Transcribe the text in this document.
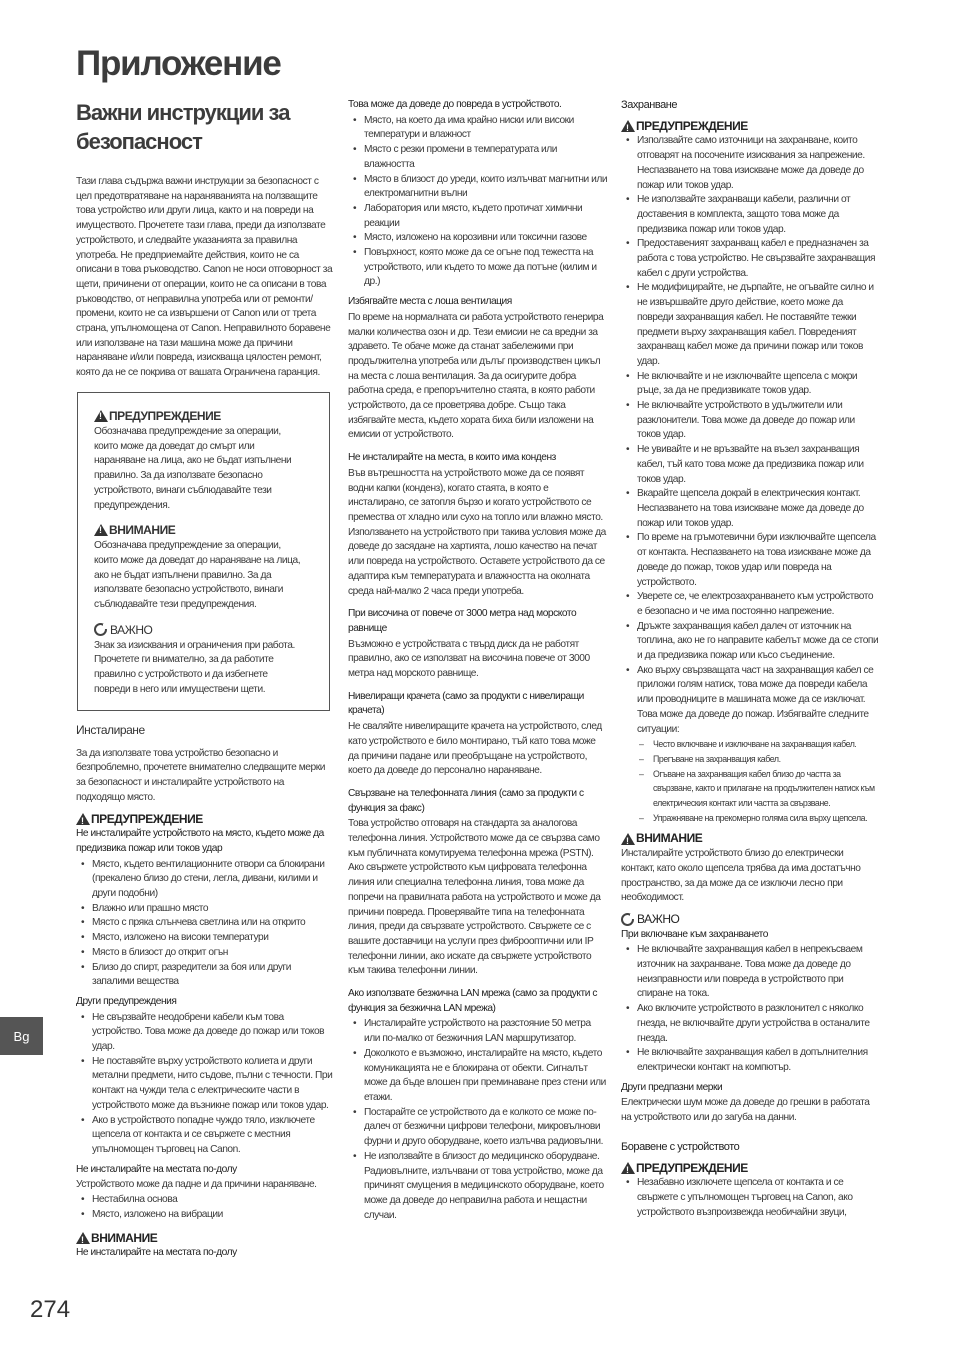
Приложение
Важни инструкции за безопасност
Тази глава съдържа важни инструкции за безопасност с цел предотвратяване на нараняванията на ползващите това устройство или други лица, както и на повреди на имуществото. Прочетете тази глава, преди да използвате устройството, и следвайте указанията за правилна употреба. Не предприемайте действия, които не са описани в това ръководство. Canon не носи отговорност за щети, причинени от операции, които не са описани в това ръководство, от неправилна употреба или от ремонти/промени, които не са извършени от Canon или от трета страна, упълномощена от Canon. Неправилното боравене или използване на тази машина може да причини нараняване и/или повреда, изискваща цялостен ремонт, която да не се покрива от вашата Ограничена гаранция.
!
ПРЕДУПРЕЖДЕНИЕ
Обозначава предупреждение за операции, които може да доведат до смърт или нараняване на лица, ако не бъдат изпълнени правилно. За да използвате безопасно устройството, винаги съблюдавайте тези предупреждения.
!
ВНИМАНИЕ
Обозначава предупреждение за операции, които може да доведат до нараняване на лица, ако не бъдат изпълнени правилно. За да използвате безопасно устройството, винаги съблюдавайте тези предупреждения.
ВАЖНО
Знак за изисквания и ограничения при работа. Прочетете ги внимателно, за да работите правилно с устройството и да избегнете повреди в него или имуществени щети.
Инсталиране
За да използвате това устройство безопасно и безпроблемно, прочетете внимателно следващите мерки за безопасност и инсталирайте устройството на подходящо място.
!
ПРЕДУПРЕЖДЕНИЕ
Не инсталирайте устройството на място, където може да предизвика пожар или токов удар
• Място, където вентилационните отвори са блокирани (прекалено близо до стени, легла, дивани, килими и други подобни)
• Влажно или прашно място
• Място с пряка слънчева светлина или на открито
• Място, изложено на високи температури
• Място в близост до открит огън
• Близо до спирт, разредители за боя или други запалими вещества
Други предупреждения
• Не свързвайте неодобрени кабели към това устройство. Това може да доведе до пожар или токов удар.
• Не поставяйте върху устройството колиета и други метални предмети, нито съдове, пълни с течности. При контакт на чужди тела с електрическите части в устройството може да възникне пожар или токов удар.
• Ако в устройството попадне чуждо тяло, изключете щепсела от контакта и се свържете с местния упълномощен търговец на Canon.
Не инсталирайте на местата по-долу
Устройството може да падне и да причини нараняване.
• Нестабилна основа
• Място, изложено на вибрации
!
ВНИМАНИЕ
Не инсталирайте на местата по-долу
Това може да доведе до повреда в устройството.
• Място, на което да има крайно ниски или високи температури и влажност
• Място с резки промени в температурата или влажността
• Място в близост до уреди, които излъчват магнитни или електромагнитни вълни
• Лаборатория или място, където протичат химични реакции
• Място, изложено на корозивни или токсични газове
• Повърхност, която може да се огъне под тежестта на устройството, или където то може да потъне (килим и др.)
Избягвайте места с лоша вентилация
По време на нормалната си работа устройството генерира малки количества озон и др. Тези емисии не са вредни за здравето. Те обаче може да станат забележими при продължителна употреба или дълъг производствен цикъл на места с лоша вентилация. За да осигурите добра работна среда, е препоръчително стаята, в която работи устройството, да се проветрява добре. Също така избягвайте места, където хората биха били изложени на емисии от устройството.
Не инсталирайте на места, в които има конденз
Във вътрешността на устройството може да се появят водни капки (конденз), когато стаята, в която е инсталирано, се затопля бързо и когато устройството се премества от хладно или сухо на топло или влажно място. Използването на устройството при такива условия може да доведе до засядане на хартията, лошо качество на печат или повреда на устройството. Оставете устройството да се адаптира към температурата и влажността на околната среда най-малко 2 часа преди употреба.
При височина от повече от 3000 метра над морското равнище
Възможно е устройствата с твърд диск да не работят правилно, ако се използват на височина повече от 3000 метра над морското равнище.
Нивелиращи крачета (само за продукти с нивелиращи крачета)
Не сваляйте нивелиращите крачета на устройството, след като устройството е било монтирано, тъй като това може да причини падане или преобръщане на устройството, което да доведе до персонално нараняване.
Свързване на телефонната линия (само за продукти с функция за факс)
Това устройство отговаря на стандарта за аналогова телефонна линия. Устройството може да се свързва само към публичната комутируема телефонна мрежа (PSTN). Ако свържете устройството към цифровата телефонна линия или специална телефонна линия, това може да попречи на правилната работа на устройството и може да причини повреда. Проверявайте типа на телефонната линия, преди да свързвате устройството. Свържете се с вашите доставчици на услуги през фиброоптични или IP телефонни линии, ако искате да свържете устройството към такива телефонни линии.
Ако използвате безжична LAN мрежа (само за продукти с функция за безжична LAN мрежа)
• Инсталирайте устройството на разстояние 50 метра или по-малко от безжичния LAN маршрутизатор.
• Доколкото е възможно, инсталирайте на място, където комуникацията не е блокирана от обекти. Сигналът може да бъде влошен при преминаване през стени или етажи.
• Постарайте се устройството да е колкото се може по-далеч от безжични цифрови телефони, микровълнови фурни и друго оборудване, което излъчва радиовълни.
• Не използвайте в близост до медицинско оборудване. Радиовълните, излъчвани от това устройство, може да причинят смущения в медицинското оборудване, което може да доведе до неправилна работа и нещастни случаи.
Захранване
!
ПРЕДУПРЕЖДЕНИЕ
• Използвайте само източници на захранване, които отговарят на посочените изисквания за напрежение. Неспазването на това изискване може да доведе до пожар или токов удар.
• Не използвайте захранващи кабели, различни от доставения в комплекта, защото това може да предизвика пожар или токов удар.
• Предоставеният захранващ кабел е предназначен за работа с това устройство. Не свързвайте захранващия кабел с други устройства.
• Не модифицирайте, не дърпайте, не огъвайте силно и не извършвайте друго действие, което може да повреди захранващия кабел. Не поставяйте тежки предмети върху захранващия кабел. Повреденият захранващ кабел може да причини пожар или токов удар.
• Не включвайте и не изключвайте щепсела с мокри ръце, за да не предизвикате токов удар.
• Не включвайте устройството в удължители или разклонители. Това може да доведе до пожар или токов удар.
• Не увивайте и не връзвайте на възел захранващия кабел, тъй като това може да предизвика пожар или токов удар.
• Вкарайте щепсела докрай в електрическия контакт. Неспазването на това изискване може да доведе до пожар или токов удар.
• По време на гръмотевични бури изключвайте щепсела от контакта. Неспазването на това изискване може да доведе до пожар, токов удар или повреда на устройството.
• Уверете се, че електрозахранването към устройството е безопасно и че има постоянно напрежение.
• Дръжте захранващия кабел далеч от източник на топлина, ако не го направите кабелът може да се стопи и да предизвика пожар или късо съединение.
• Ако върху свързващата част на захранващия кабел се приложи голям натиск, това може да повреди кабела или проводниците в машината може да се изключат. Това може да доведе до пожар. Избягвайте следните ситуации:
– Често включване и изключване на захранващия кабел.
– Прегъване на захранващия кабел.
– Огъване на захранващия кабел близо до частта за свързване, както и прилагане на продължителен натиск към електрическия контакт или частта за свързване.
– Упражняване на прекомерно голяма сила върху щепсела.
!
ВНИМАНИЕ
Инсталирайте устройството близо до електрически контакт, като около щепсела трябва да има достатъчно пространство, за да може да се изключи лесно при необходимост.
ВАЖНО
При включване към захранването
• Не включвайте захранващия кабел в непрекъсваем източник на захранване. Това може да доведе до неизправности или повреда в устройството при спиране на тока.
• Ако включите устройството в разклонител с няколко гнезда, не включвайте други устройства в останалите гнезда.
• Не включвайте захранващия кабел в допълнителния електрически контакт на компютър.
Други предпазни мерки
Електрически шум може да доведе до грешки в работата на устройството или до загуба на данни.
Боравене с устройството
!
ПРЕДУПРЕЖДЕНИЕ
• Незабавно изключете щепсела от контакта и се свържете с упълномощен търговец на Canon, ако устройството възпроизвежда необичайни звуци,
Bg
274
